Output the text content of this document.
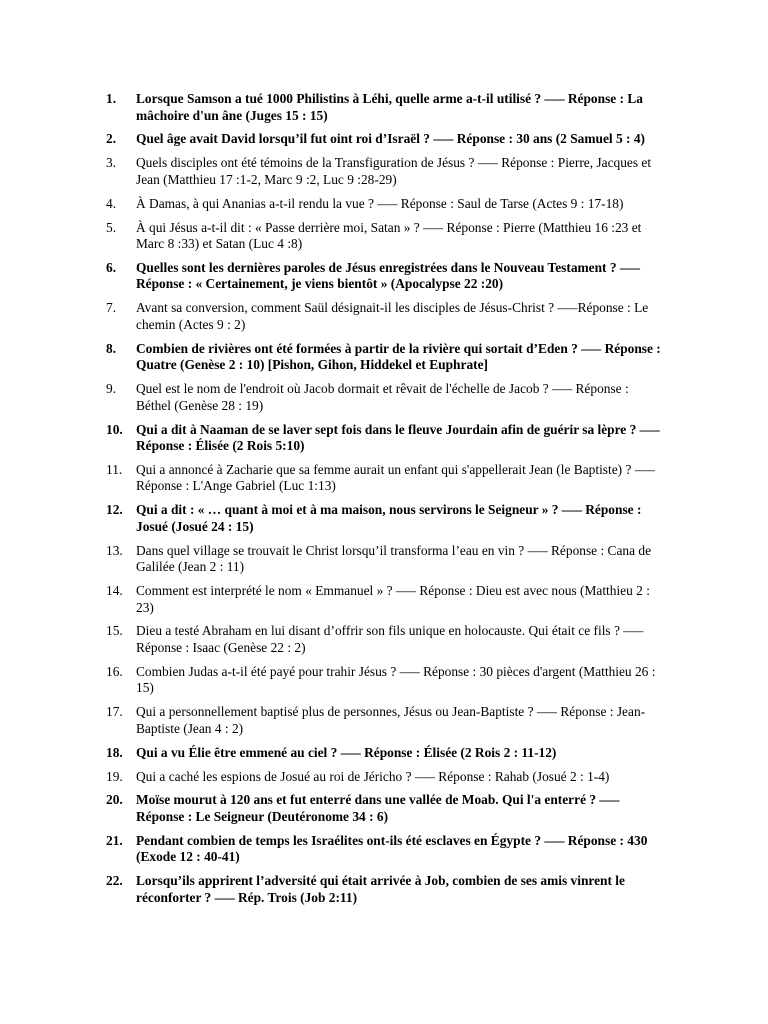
1.	Lorsque Samson a tué 1000 Philistins à Léhi, quelle arme a-t-il utilisé ? ––– Réponse : La mâchoire d'un âne (Juges 15 : 15)
2.	Quel âge avait David lorsqu’il fut oint roi d’Israël ? ––– Réponse : 30 ans (2 Samuel 5 : 4)
3.	Quels disciples ont été témoins de la Transfiguration de Jésus ? ––– Réponse : Pierre, Jacques et Jean (Matthieu 17 :1-2, Marc 9 :2, Luc 9 :28-29)
4.	À Damas, à qui Ananias a-t-il rendu la vue ? ––– Réponse : Saul de Tarse (Actes 9 : 17-18)
5.	À qui Jésus a-t-il dit : « Passe derrière moi, Satan » ? ––– Réponse : Pierre (Matthieu 16 :23 et Marc 8 :33) et Satan (Luc 4 :8)
6.	Quelles sont les dernières paroles de Jésus enregistrées dans le Nouveau Testament ? ––– Réponse : « Certainement, je viens bientôt » (Apocalypse 22 :20)
7.	Avant sa conversion, comment Saül désignait-il les disciples de Jésus-Christ ? –––Réponse : Le chemin (Actes 9 : 2)
8.	Combien de rivières ont été formées à partir de la rivière qui sortait d’Eden ? ––– Réponse : Quatre (Genèse 2 : 10) [Pishon, Gihon, Hiddekel et Euphrate]
9.	Quel est le nom de l'endroit où Jacob dormait et rêvait de l'échelle de Jacob ? ––– Réponse : Béthel (Genèse 28 : 19)
10. Qui a dit à Naaman de se laver sept fois dans le fleuve Jourdain afin de guérir sa lèpre ? ––– Réponse : Élisée (2 Rois 5:10)
11.	Qui a annoncé à Zacharie que sa femme aurait un enfant qui s'appellerait Jean (le Baptiste) ? ––– Réponse : L'Ange Gabriel (Luc 1:13)
12. Qui a dit : « … quant à moi et à ma maison, nous servirons le Seigneur » ? ––– Réponse : Josué (Josué 24 : 15)
13. Dans quel village se trouvait le Christ lorsqu’il transforma l’eau en vin ? ––– Réponse : Cana de Galilée (Jean 2 : 11)
14. Comment est interprété le nom « Emmanuel » ? ––– Réponse : Dieu est avec nous (Matthieu 2 : 23)
15. Dieu a testé Abraham en lui disant d’offrir son fils unique en holocauste. Qui était ce fils ? ––– Réponse : Isaac (Genèse 22 : 2)
16. Combien Judas a-t-il été payé pour trahir Jésus ? ––– Réponse : 30 pièces d'argent (Matthieu 26 : 15)
17. Qui a personnellement baptisé plus de personnes, Jésus ou Jean-Baptiste ? ––– Réponse : Jean-Baptiste (Jean 4 : 2)
18. Qui a vu Élie être emmené au ciel ? ––– Réponse : Élisée (2 Rois 2 : 11-12)
19. Qui a caché les espions de Josué au roi de Jéricho ? ––– Réponse : Rahab (Josué 2 : 1-4)
20. Moïse mourut à 120 ans et fut enterré dans une vallée de Moab. Qui l'a enterré ? ––– Réponse : Le Seigneur (Deutéronome 34 : 6)
21. Pendant combien de temps les Israélites ont-ils été esclaves en Égypte ? ––– Réponse : 430 (Exode 12 : 40-41)
22. Lorsqu’ils apprirent l’adversité qui était arrivée à Job, combien de ses amis vinrent le réconforter ? ––– Rép. Trois (Job 2:11)
